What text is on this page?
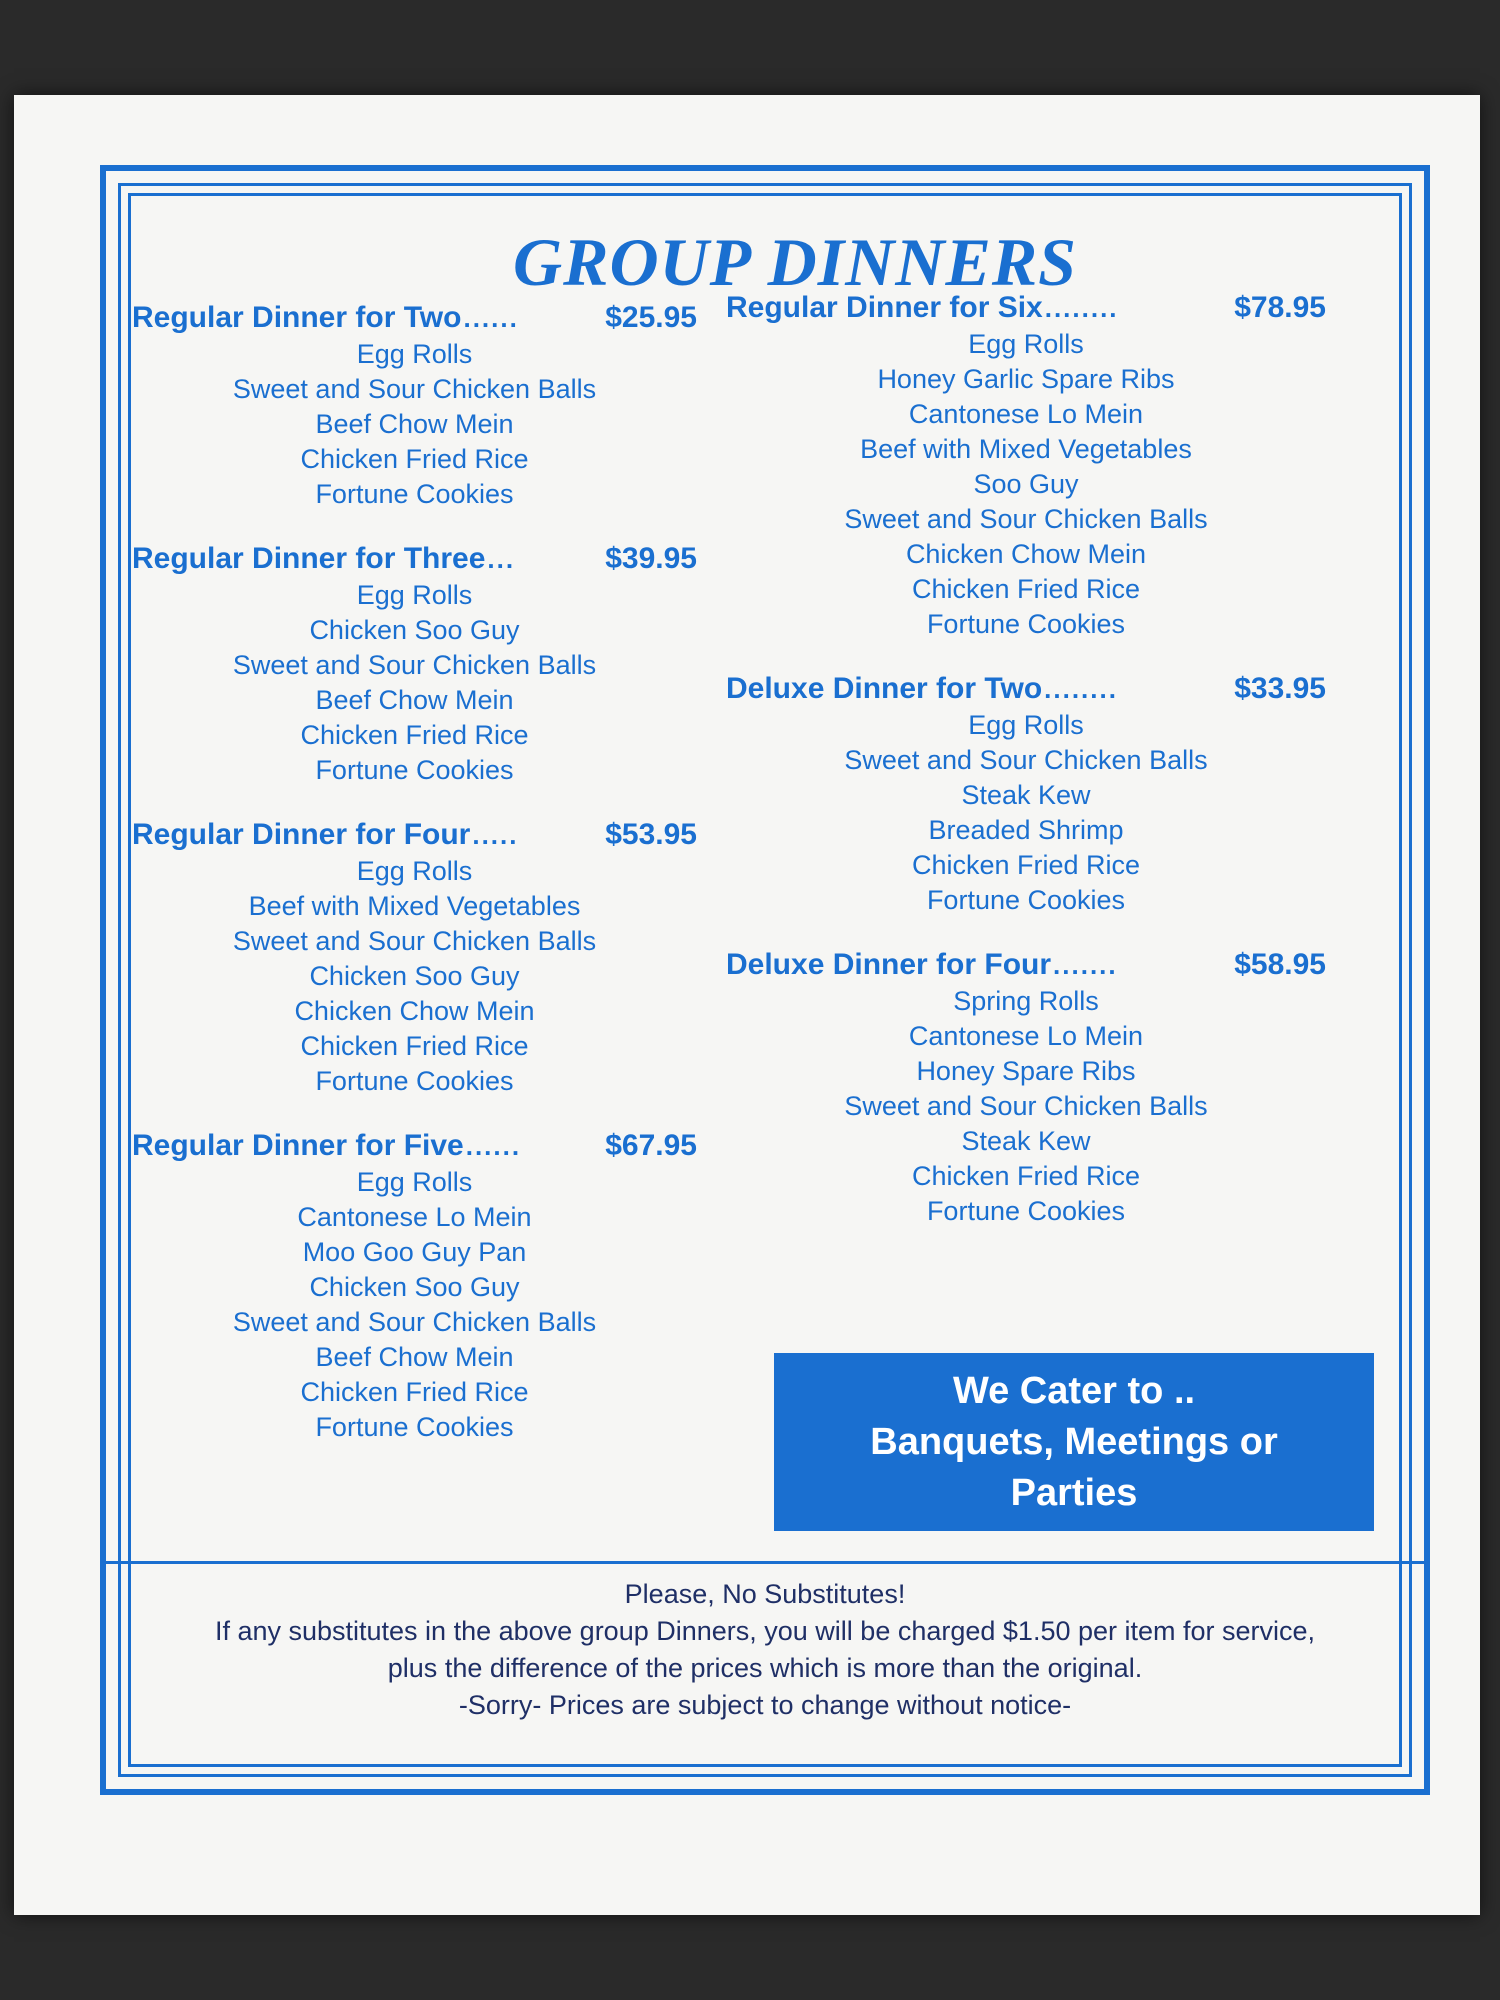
GROUP DINNERS
Regular Dinner for Two ......	$25.95
Egg Rolls
Sweet and Sour Chicken Balls
Beef Chow Mein
Chicken Fried Rice
Fortune Cookies
Regular Dinner for Three ...	$39.95
Egg Rolls
Chicken Soo Guy
Sweet and Sour Chicken Balls
Beef Chow Mein
Chicken Fried Rice
Fortune Cookies
Regular Dinner for Four .....	$53.95
Egg Rolls
Beef with Mixed Vegetables
Sweet and Sour Chicken Balls
Chicken Soo Guy
Chicken Chow Mein
Chicken Fried Rice
Fortune Cookies
Regular Dinner for Five ......	$67.95
Egg Rolls
Cantonese Lo Mein
Moo Goo Guy Pan
Chicken Soo Guy
Sweet and Sour Chicken Balls
Beef Chow Mein
Chicken Fried Rice
Fortune Cookies
Regular Dinner for Six ........	$78.95
Egg Rolls
Honey Garlic Spare Ribs
Cantonese Lo Mein
Beef with Mixed Vegetables
Soo Guy
Sweet and Sour Chicken Balls
Chicken Chow Mein
Chicken Fried Rice
Fortune Cookies
Deluxe Dinner for Two ........	$33.95
Egg Rolls
Sweet and Sour Chicken Balls
Steak Kew
Breaded Shrimp
Chicken Fried Rice
Fortune Cookies
Deluxe Dinner for Four .......	$58.95
Spring Rolls
Cantonese Lo Mein
Honey Spare Ribs
Sweet and Sour Chicken Balls
Steak Kew
Chicken Fried Rice
Fortune Cookies
We Cater to ..
Banquets, Meetings or
Parties
Please, No Substitutes!
If any substitutes in the above group Dinners, you will be charged $1.50 per item for service,
plus the difference of the prices which is more than the original.
-Sorry- Prices are subject to change without notice-
